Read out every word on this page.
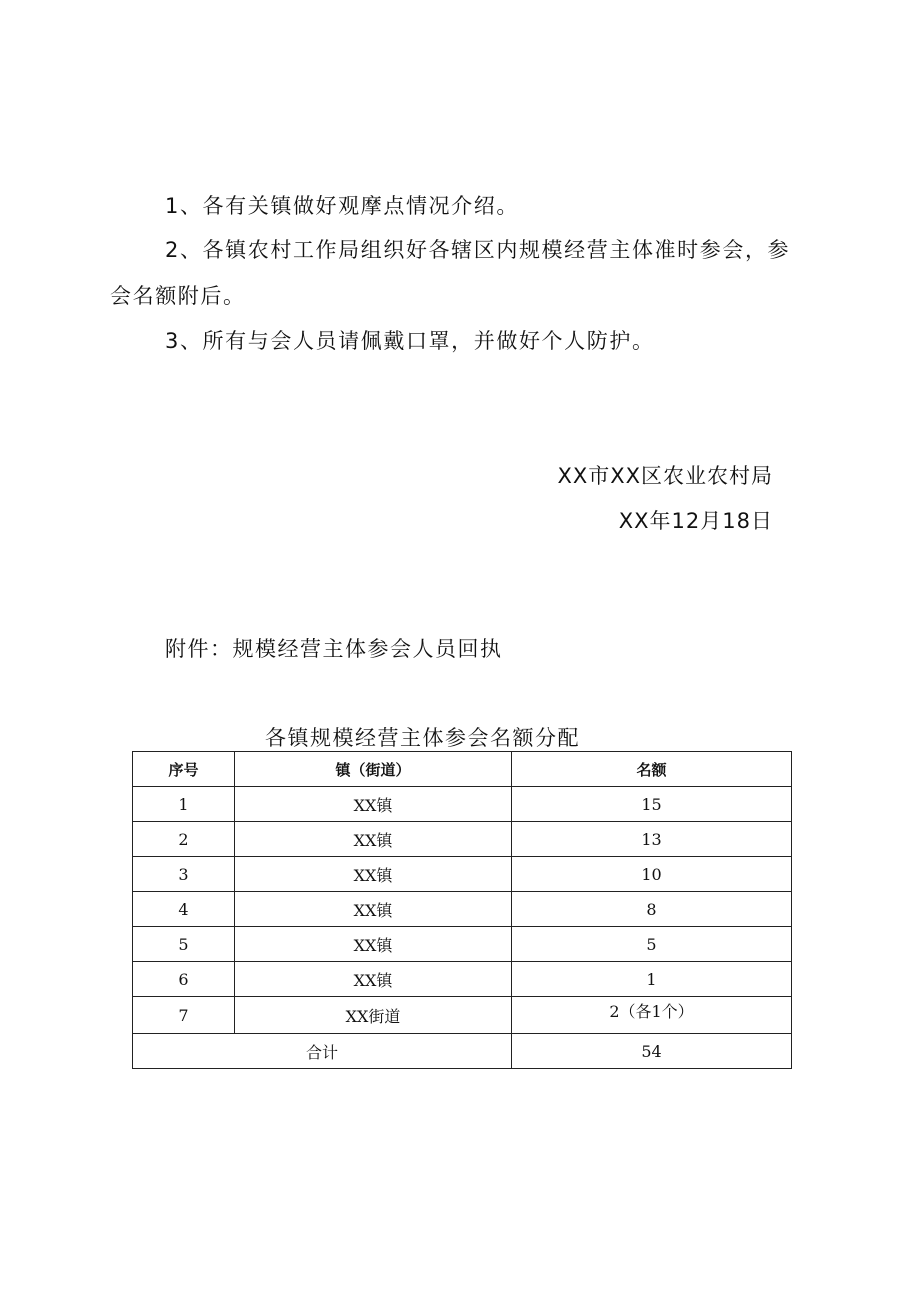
1、各有关镇做好观摩点情况介绍。

2、各镇农村工作局组织好各辖区内规模经营主体准时参会，参

会名额附后。

3、所有与会人员请佩戴口罩，并做好个人防护。

XX市XX区农业农村局
XX年12月18日
附件：规模经营主体参会人员回执
各镇规模经营主体参会名额分配
序号	镇（街道）	名额
1	XX镇	15
2	XX镇	13
3	XX镇	10
4	XX镇	8
5	XX镇	5
6	XX镇	1
7	XX街道	2（各1个）
合计		54
